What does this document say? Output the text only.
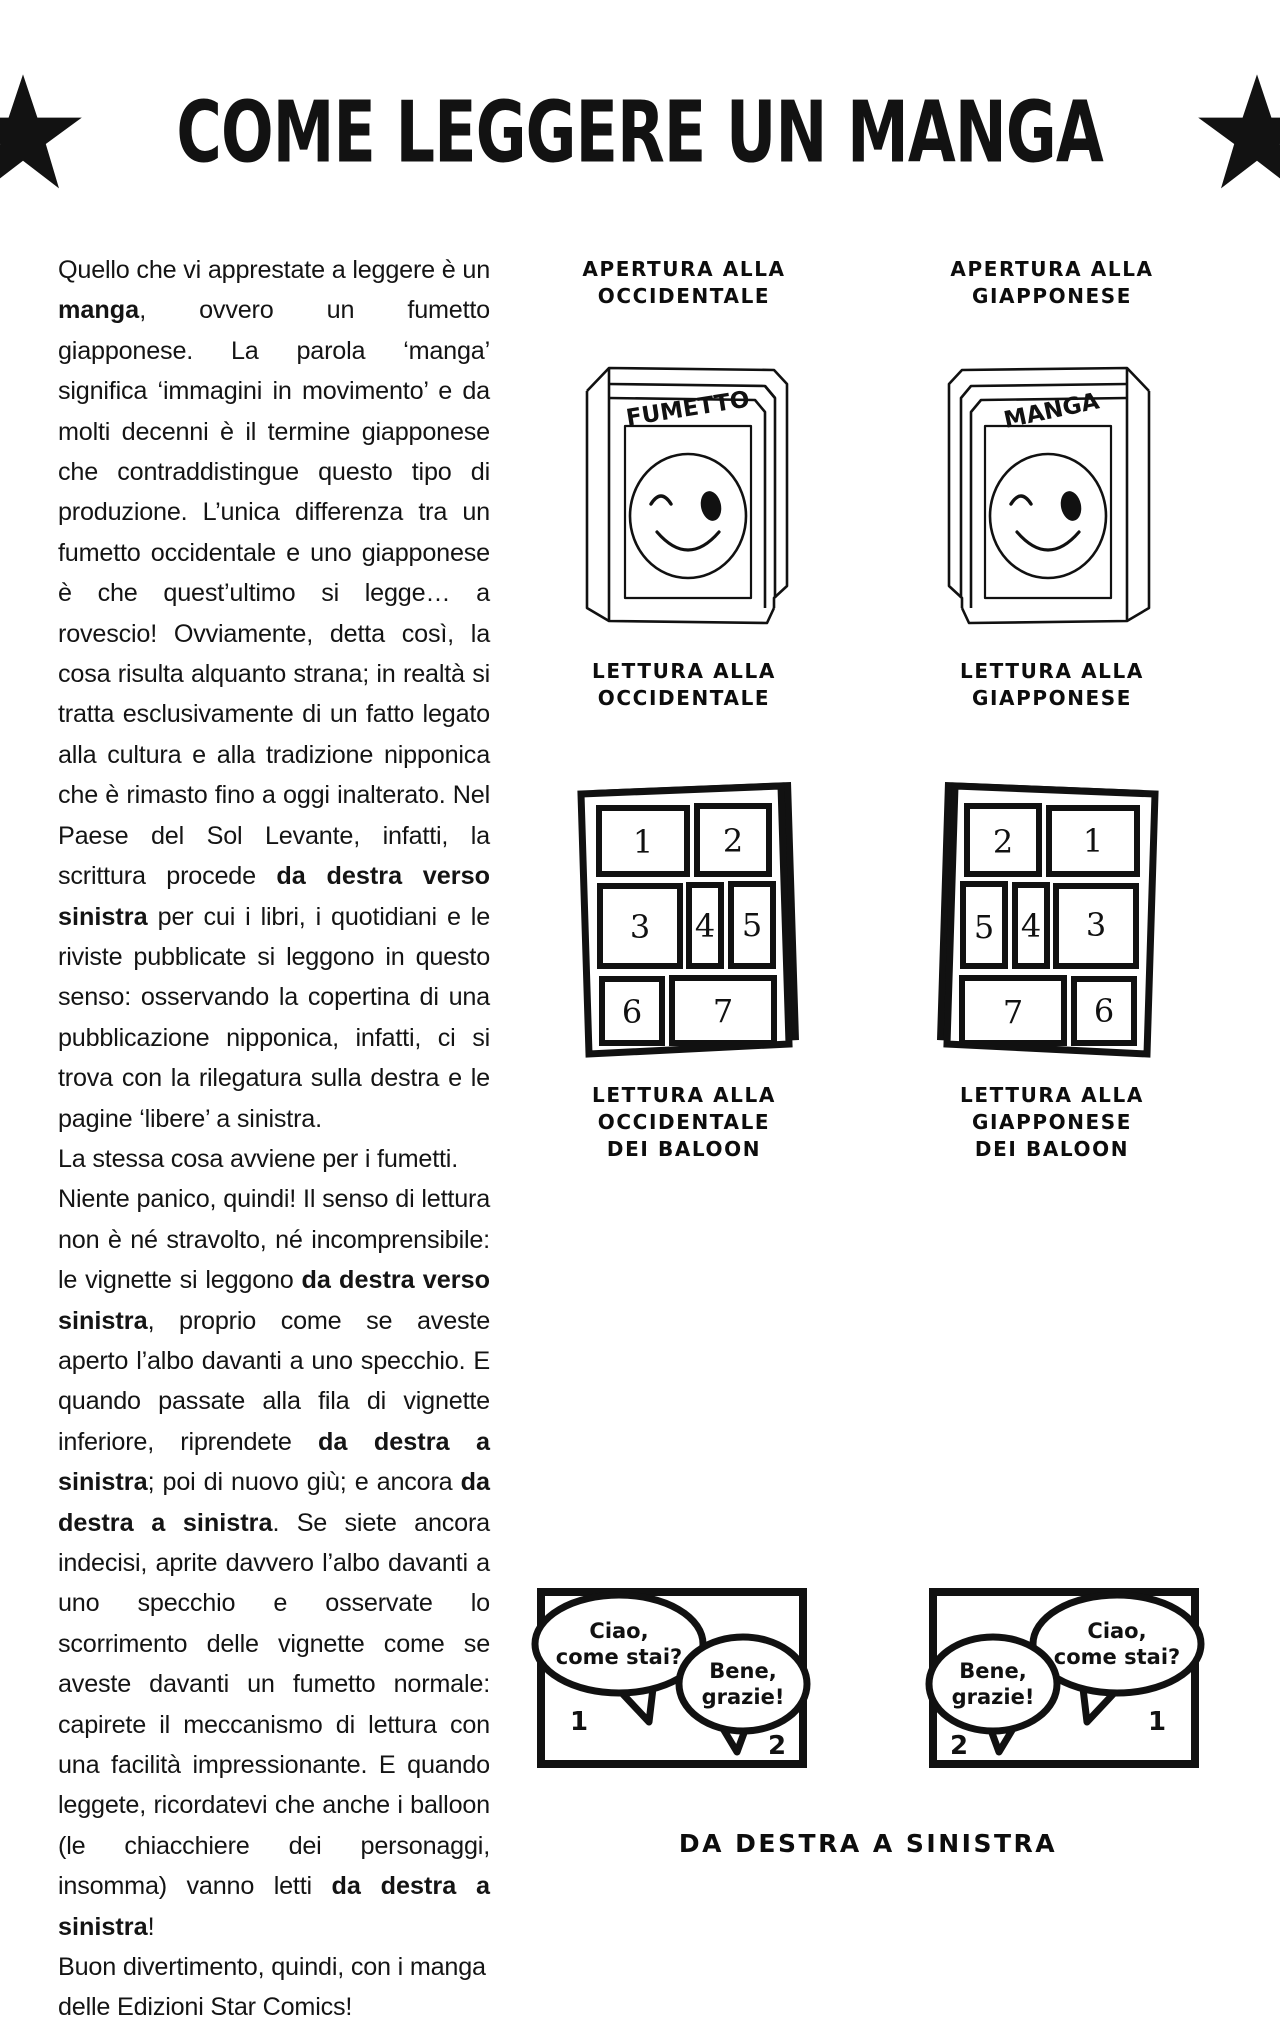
COME LEGGERE UN MANGA

Quello che vi apprestate a leggere è un manga, ovvero un fumetto giapponese. La parola ‘manga’ significa ‘immagini in movimento’ e da molti decenni è il termine giapponese che contraddistingue questo tipo di produzione. L’unica differenza tra un fumetto occidentale e uno giapponese è che quest’ultimo si legge… a rovescio! Ovviamente, detta così, la cosa risulta alquanto strana; in realtà si tratta esclusivamente di un fatto legato alla cultura e alla tradizione nipponica che è rimasto fino a oggi inalterato. Nel Paese del Sol Levante, infatti, la scrittura procede da destra verso sinistra per cui i libri, i quotidiani e le riviste pubblicate si leggono in questo senso: osservando la copertina di una pubblicazione nipponica, infatti, ci si trova con la rilegatura sulla destra e le pagine ‘libere’ a sinistra.

La stessa cosa avviene per i fumetti.

Niente panico, quindi! Il senso di lettura non è né stravolto, né incomprensibile: le vignette si leggono da destra verso sinistra, proprio come se aveste aperto l’albo davanti a uno specchio. E quando passate alla fila di vignette inferiore, riprendete da destra a sinistra; poi di nuovo giù; e ancora da destra a sinistra. Se siete ancora indecisi, aprite davvero l’albo davanti a uno specchio e osservate lo scorrimento delle vignette come se aveste davanti un fumetto normale: capirete il meccanismo di lettura con una facilità impressionante. E quando leggete, ricordatevi che anche i balloon (le chiacchiere dei personaggi, insomma) vanno letti da destra a sinistra!

Buon divertimento, quindi, con i manga delle Edizioni Star Comics!

APERTURA ALLA
OCCIDENTALE
APERTURA ALLA
GIAPPONESE
FUMETTO	MANGA
LETTURA ALLA
OCCIDENTALE
LETTURA ALLA
GIAPPONESE
1 2
3 4 5
6 7
2 1
5 4 3
7 6
LETTURA ALLA
OCCIDENTALE
DEI BALOON
LETTURA ALLA
GIAPPONESE
DEI BALOON
Ciao,
come stai?
1
Bene,
grazie!
2
Ciao,
come stai?
1
Bene,
grazie!
2
DA DESTRA A SINISTRA
